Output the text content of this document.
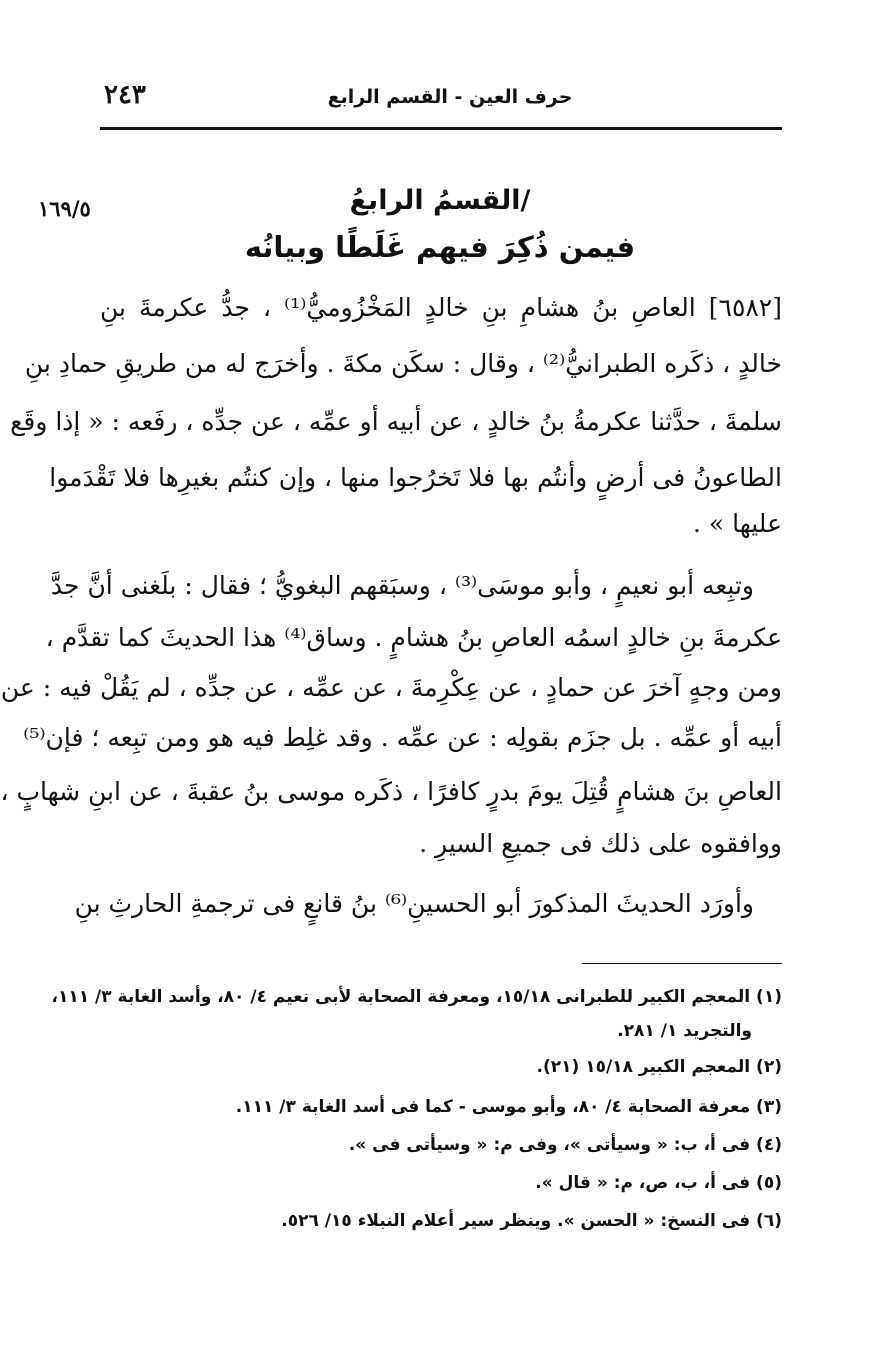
٢٤٣	حرف العين - القسم الرابع
١٦٩/٥	/القسمُ الرابعُ
فيمن ذُكِرَ فيهم غَلَطًا وبيانُه
[٦٥٨٢] العاصِ بنُ هشامِ بنِ خالدٍ المَخْزُوميُّ⁽¹⁾ ، جدُّ عكرمةَ بنِ
خالدٍ ، ذكَره الطبرانيُّ⁽²⁾ ، وقال : سكَن مكةَ . وأخرَج له من طريقِ حمادِ بنِ
سلمةَ ، حدَّثنا عكرمةُ بنُ خالدٍ ، عن أبيه أو عمِّه ، عن جدِّه ، رفَعه : « إذا وقَع
الطاعونُ فى أرضٍ وأنتُم بها فلا تَخرُجوا منها ، وإن كنتُم بغيرِها فلا تَقْدَموا
عليها » .
وتبِعه أبو نعيمٍ ، وأبو موسَى⁽³⁾ ، وسبَقهم البغويُّ ؛ فقال : بلَغنى أنَّ جدَّ
عكرمةَ بنِ خالدٍ اسمُه العاصِ بنُ هشامٍ . وساق⁽⁴⁾ هذا الحديثَ كما تقدَّم ،
ومن وجهٍ آخرَ عن حمادٍ ، عن عِكْرِمةَ ، عن عمِّه ، عن جدِّه ، لم يَقُلْ فيه : عن
أبيه أو عمِّه . بل جزَم بقولِه : عن عمِّه . وقد غلِط فيه هو ومن تبِعه ؛ فإن⁽⁵⁾
العاصِ بنَ هشامٍ قُتِلَ يومَ بدرٍ كافرًا ، ذكَره موسى بنُ عقبةَ ، عن ابنِ شهابٍ ،
ووافقوه على ذلك فى جميعِ السيرِ .
وأورَد الحديثَ المذكورَ أبو الحسينِ⁽⁶⁾ بنُ قانعٍ فى ترجمةِ الحارثِ بنِ
(١) المعجم الكبير للطبرانى ١٥/١٨، ومعرفة الصحابة لأبى نعيم ٤/ ٨٠، وأسد الغابة ٣/ ١١١،
والتجريد ١/ ٢٨١.
(٢) المعجم الكبير ١٥/١٨ (٢١).
(٣) معرفة الصحابة ٤/ ٨٠، وأبو موسى - كما فى أسد الغابة ٣/ ١١١.
(٤) فى أ، ب: « وسيأتى »، وفى م: « وسيأتى فى ».
(٥) فى أ، ب، ص، م: « قال ».
(٦) فى النسخ: « الحسن ». وينظر سير أعلام النبلاء ١٥/ ٥٢٦.
